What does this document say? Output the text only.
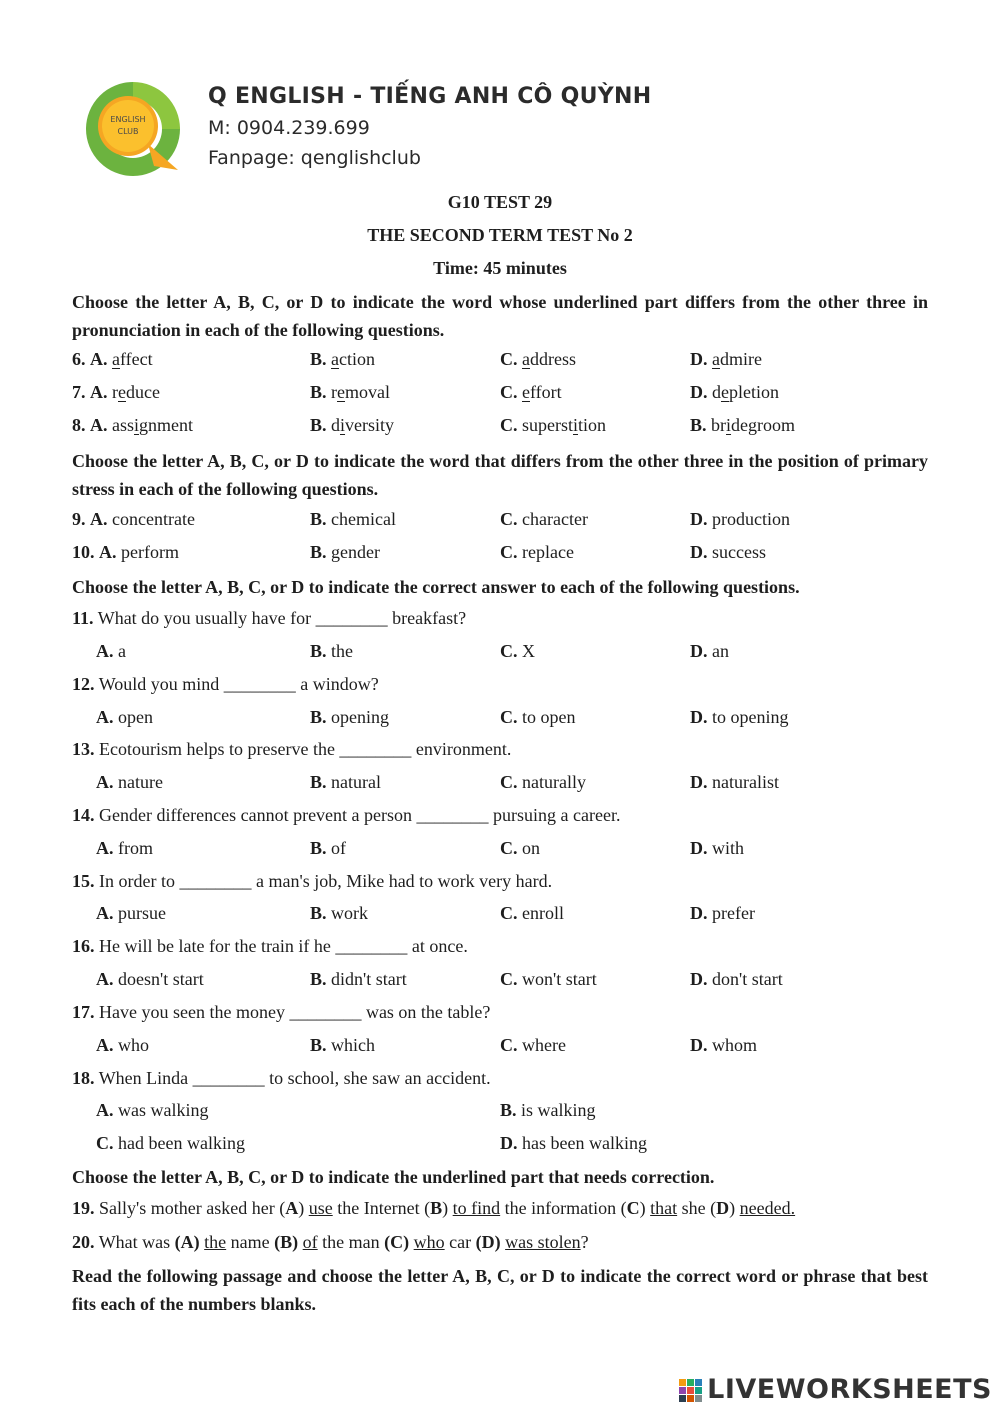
ENGLISH
CLUB
Q ENGLISH - TIẾNG ANH CÔ QUỲNH
M: 0904.239.699
Fanpage: qenglishclub
G10 TEST 29
THE SECOND TERM TEST No 2
Time: 45 minutes
Choose the letter A, B, C, or D to indicate the word whose underlined part differs from the other three in pronunciation in each of the following questions.
6. A. affect	B. action	C. address	D. admire
7. A. reduce	B. removal	C. effort	D. depletion
8. A. assignment	B. diversity	C. superstition	B. bridegroom
Choose the letter A, B, C, or D to indicate the word that differs from the other three in the position of primary stress in each of the following questions.
9. A. concentrate	B. chemical	C. character	D. production
10. A. perform	B. gender	C. replace	D. success
Choose the letter A, B, C, or D to indicate the correct answer to each of the following questions.
11. What do you usually have for ________ breakfast?
A. a	B. the	C. X	D. an
12. Would you mind ________ a window?
A. open	B. opening	C. to open	D. to opening
13. Ecotourism helps to preserve the ________ environment.
A. nature	B. natural	C. naturally	D. naturalist
14. Gender differences cannot prevent a person ________ pursuing a career.
A. from	B. of	C. on	D. with
15. In order to ________ a man's job, Mike had to work very hard.
A. pursue	B. work	C. enroll	D. prefer
16. He will be late for the train if he ________ at once.
A. doesn't start	B. didn't start	C. won't start	D. don't start
17. Have you seen the money ________ was on the table?
A. who	B. which	C. where	D. whom
18. When Linda ________ to school, she saw an accident.
A. was walking	B. is walking
C. had been walking	D. has been walking
Choose the letter A, B, C, or D to indicate the underlined part that needs correction.
19. Sally's mother asked her (A) use the Internet (B) to find the information (C) that she (D) needed.
20. What was (A) the name (B) of the man (C) who car (D) was stolen?
Read the following passage and choose the letter A, B, C, or D to indicate the correct word or phrase that best fits each of the numbers blanks.
LIVEWORKSHEETS
